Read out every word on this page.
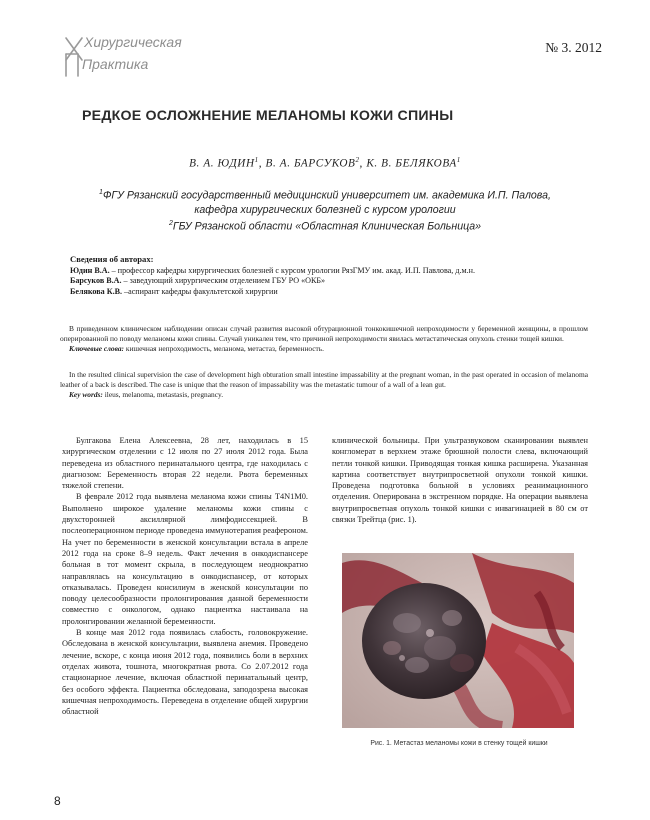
Хирургическая
Практика
№ 3. 2012
РЕДКОЕ ОСЛОЖНЕНИЕ МЕЛАНОМЫ КОЖИ СПИНЫ
В. А. ЮДИН$^1$, В. А. БАРСУКОВ$^2$, К. В. БЕЛЯКОВА$^1$
$^1$ФГУ Рязанский государственный медицинский университет им. академика И.П. Палова,
кафедра хирургических болезней с курсом урологии
$^2$ГБУ Рязанской области «Областная Клиническая Больница»
Сведения об авторах:
Юдин В.А. – профессор кафедры хирургических болезней с курсом урологии РязГМУ им. акад. И.П. Павлова, д.м.н.
Барсуков В.А. – заведующий хирургическим отделением ГБУ РО «ОКБ»
Белякова К.В. –аспирант кафедры факультетской хирургии

В приведенном клиническом наблюдении описан случай развития высокой обтурационной тонкокишечной непроходимости у беременной женщины, в прошлом оперированной по поводу меланомы кожи спины. Случай уникален тем, что причиной непроходимости явилась метастатическая опухоль стенки тощей кишки.

Ключевые слова: кишечная непроходимость, меланома, метастаз, беременность.

In the resulted clinical supervision the case of development high obturation small intestine impassability at the pregnant woman, in the past operated in occasion of melanoma leather of a back is described. The case is unique that the reason of impassability was the metastatic tumour of a wall of a lean gut.

Key words: ileus, melanoma, metastasis, pregnancy.

Булгакова Елена Алексеевна, 28 лет, находилась в 15 хирургическом отделении с 12 июля по 27 июля 2012 года. Была переведена из областного перинатального центра, где находилась с диагнозом: Беременность вторая 22 недели. Рвота беременных тяжелой степени.

В феврале 2012 года выявлена меланома кожи спины T4N1M0. Выполнено широкое удаление меланомы кожи спины с двухсторонней аксиллярной лимфодиссекцией. В послеоперационном периоде проведена иммунотерапия реафероном. На учет по беременности в женской консультации встала в апреле 2012 года на сроке 8–9 недель. Факт лечения в онкодиспансере больная в тот момент скрыла, в последующем неоднократно направлялась на консультацию в онкодиспансер, от которых отказывалась. Проведен консилиум в женской консультации по поводу целесообразности пролонгирования данной беременности совместно с онкологом, однако пациентка настаивала на пролонгировании желанной беременности.

В конце мая 2012 года появилась слабость, головокружение. Обследована в женской консультации, выявлена анемия. Проведено лечение, вскоре, с конца июня 2012 года, появились боли в верхних отделах живота, тошнота, многократная рвота. Со 2.07.2012 года стационарное лечение, включая областной перинатальный центр, без особого эффекта. Пациентка обследована, заподозрена высокая кишечная непроходимость. Переведена в отделение общей хирургии областной

клинической больницы. При ультразвуковом сканировании выявлен конгломерат в верхнем этаже брюшной полости слева, включающий петли тонкой кишки. Приводящая тонкая кишка расширена. Указанная картина соответствует внутрипросветной опухоли тонкой кишки. Проведена подготовка больной в условиях реанимационного отделения. Оперирована в экстренном порядке. На операции выявлена внутрипросветная опухоль тонкой кишки с инвагинацией в 80 см от связки Трейтца (рис. 1).

Рис. 1. Метастаз меланомы кожи в стенку тощей кишки
8
